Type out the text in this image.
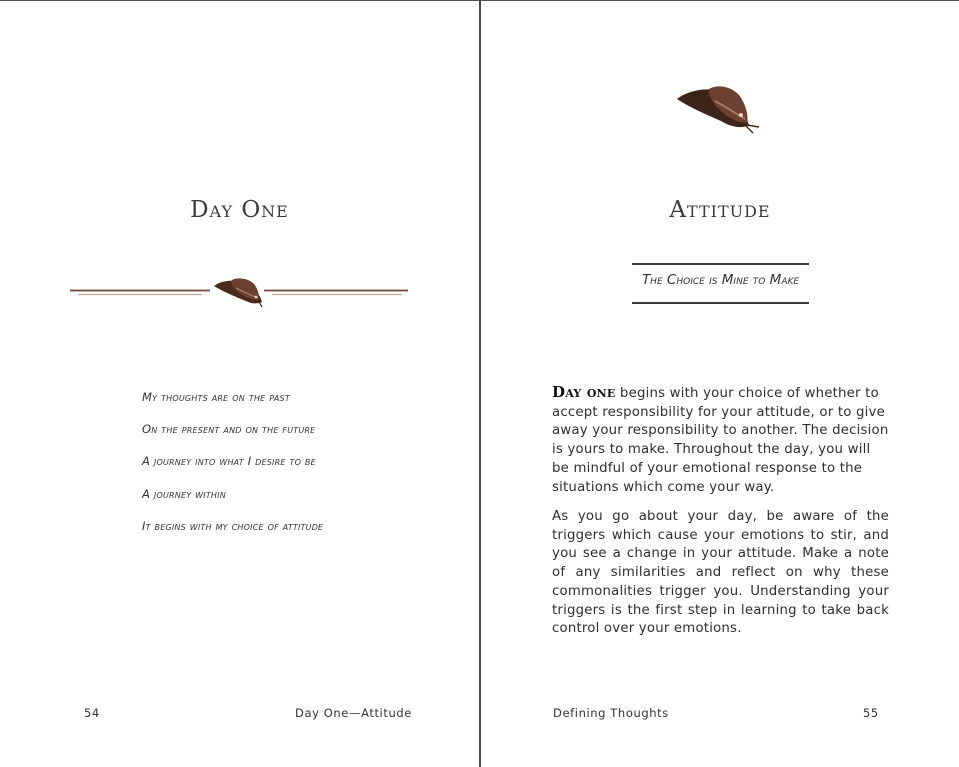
Day One
My thoughts are on the past
On the present and on the future
A journey into what I desire to be
A journey within
It begins with my choice of attitude

54	Day One—Attitude

Attitude

The Choice is Mine to Make

Day one begins with your choice of whether to accept responsibility for your attitude, or to give away your responsibility to another. The decision is yours to make. Throughout the day, you will be mindful of your emotional response to the situations which come your way.

As you go about your day, be aware of the triggers which cause your emotions to stir, and you see a change in your attitude. Make a note of any similarities and reflect on why these commonalities trigger you. Understanding your triggers is the first step in learning to take back control over your emotions.

Defining Thoughts	55
